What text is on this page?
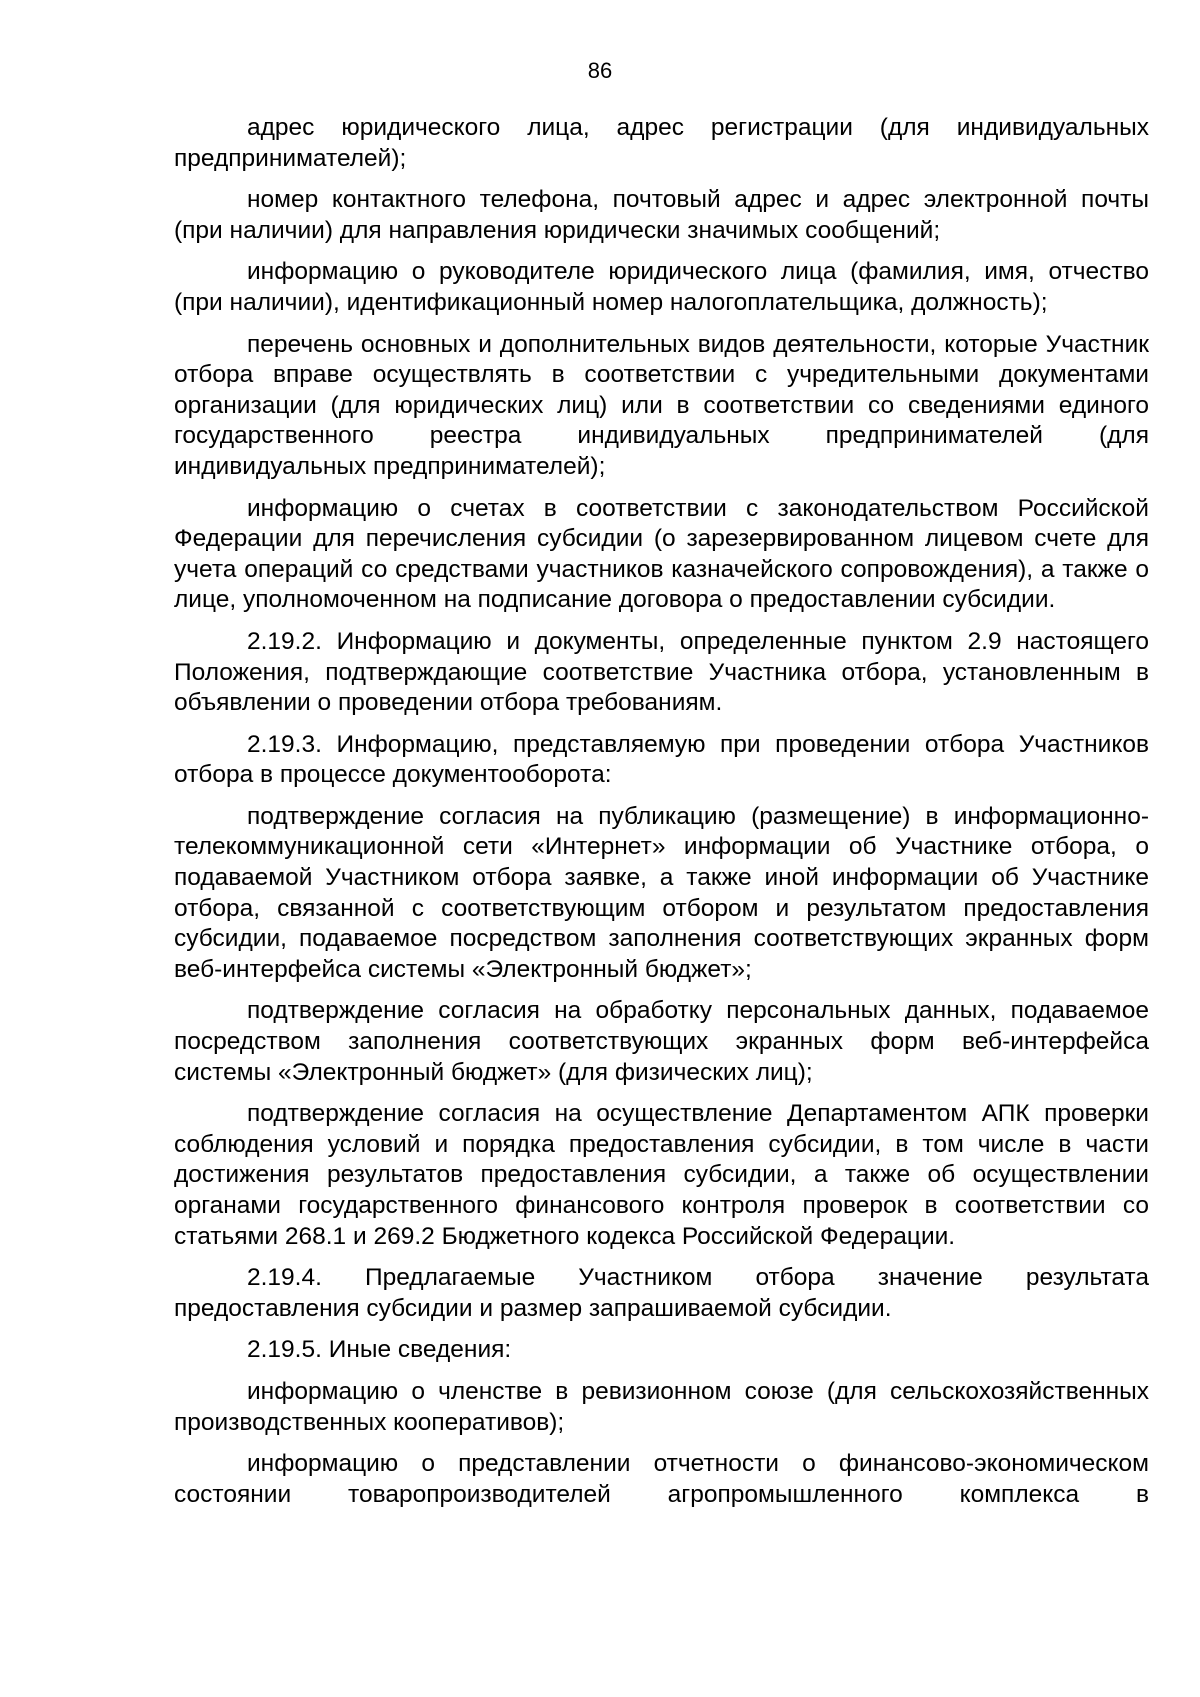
86

адрес юридического лица, адрес регистрации (для индивидуальных предпринимателей);

номер контактного телефона, почтовый адрес и адрес электронной почты (при наличии) для направления юридически значимых сообщений;

информацию о руководителе юридического лица (фамилия, имя, отчество (при наличии), идентификационный номер налогоплательщика, должность);

перечень основных и дополнительных видов деятельности, которые Участник отбора вправе осуществлять в соответствии с учредительными документами организации (для юридических лиц) или в соответствии со сведениями единого государственного реестра индивидуальных предпринимателей (для индивидуальных предпринимателей);

информацию о счетах в соответствии с законодательством Российской Федерации для перечисления субсидии (о зарезервированном лицевом счете для учета операций со средствами участников казначейского сопровождения), а также о лице, уполномоченном на подписание договора о предоставлении субсидии.

2.19.2. Информацию и документы, определенные пунктом 2.9 настоящего Положения, подтверждающие соответствие Участника отбора, установленным в объявлении о проведении отбора требованиям.

2.19.3. Информацию, представляемую при проведении отбора Участников отбора в процессе документооборота:

подтверждение согласия на публикацию (размещение) в информационно-телекоммуникационной сети «Интернет» информации об Участнике отбора, о подаваемой Участником отбора заявке, а также иной информации об Участнике отбора, связанной с соответствующим отбором и результатом предоставления субсидии, подаваемое посредством заполнения соответствующих экранных форм веб-интерфейса системы «Электронный бюджет»;

подтверждение согласия на обработку персональных данных, подаваемое посредством заполнения соответствующих экранных форм веб-интерфейса системы «Электронный бюджет» (для физических лиц);

подтверждение согласия на осуществление Департаментом АПК проверки соблюдения условий и порядка предоставления субсидии, в том числе в части достижения результатов предоставления субсидии, а также об осуществлении органами государственного финансового контроля проверок в соответствии со статьями 268.1 и 269.2 Бюджетного кодекса Российской Федерации.

2.19.4. Предлагаемые Участником отбора значение результата предоставления субсидии и размер запрашиваемой субсидии.

2.19.5. Иные сведения:

информацию о членстве в ревизионном союзе (для сельскохозяйственных производственных кооперативов);

информацию о представлении отчетности о финансово-экономическом состоянии товаропроизводителей агропромышленного комплекса в
